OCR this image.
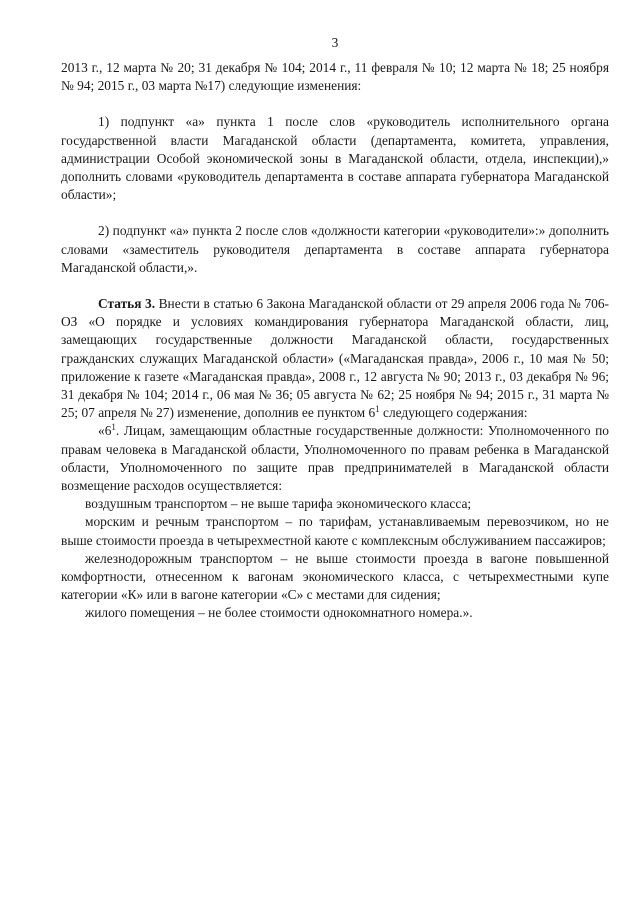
3

2013 г., 12 марта № 20; 31 декабря № 104; 2014 г., 11 февраля № 10; 12 марта № 18; 25 ноября № 94; 2015 г., 03 марта №17) следующие изменения:

1) подпункт «а» пункта 1 после слов «руководитель исполнительного органа государственной власти Магаданской области (департамента, комитета, управления, администрации Особой экономической зоны в Магаданской области, отдела, инспекции),» дополнить словами «руководитель департамента в составе аппарата губернатора Магаданской области»;

2) подпункт «а» пункта 2 после слов «должности категории «руководители»:» дополнить словами «заместитель руководителя департамента в составе аппарата губернатора Магаданской области,».

Статья 3. Внести в статью 6 Закона Магаданской области от 29 апреля 2006 года № 706-ОЗ «О порядке и условиях командирования губернатора Магаданской области, лиц, замещающих государственные должности Магаданской области, государственных гражданских служащих Магаданской области» («Магаданская правда», 2006 г., 10 мая № 50; приложение к газете «Магаданская правда», 2008 г., 12 августа № 90; 2013 г., 03 декабря № 96; 31 декабря № 104; 2014 г., 06 мая № 36; 05 августа № 62; 25 ноября № 94; 2015 г., 31 марта № 25; 07 апреля № 27) изменение, дополнив ее пунктом $6^1$ следующего содержания:

«$6^1$. Лицам, замещающим областные государственные должности: Уполномоченного по правам человека в Магаданской области, Уполномоченного по правам ребенка в Магаданской области, Уполномоченного по защите прав предпринимателей в Магаданской области возмещение расходов осуществляется:

воздушным транспортом – не выше тарифа экономического класса;

морским и речным транспортом – по тарифам, устанавливаемым перевозчиком, но не выше стоимости проезда в четырехместной каюте с комплексным обслуживанием пассажиров;

железнодорожным транспортом – не выше стоимости проезда в вагоне повышенной комфортности, отнесенном к вагонам экономического класса, с четырехместными купе категории «К» или в вагоне категории «С» с местами для сидения;

жилого помещения – не более стоимости однокомнатного номера.».
